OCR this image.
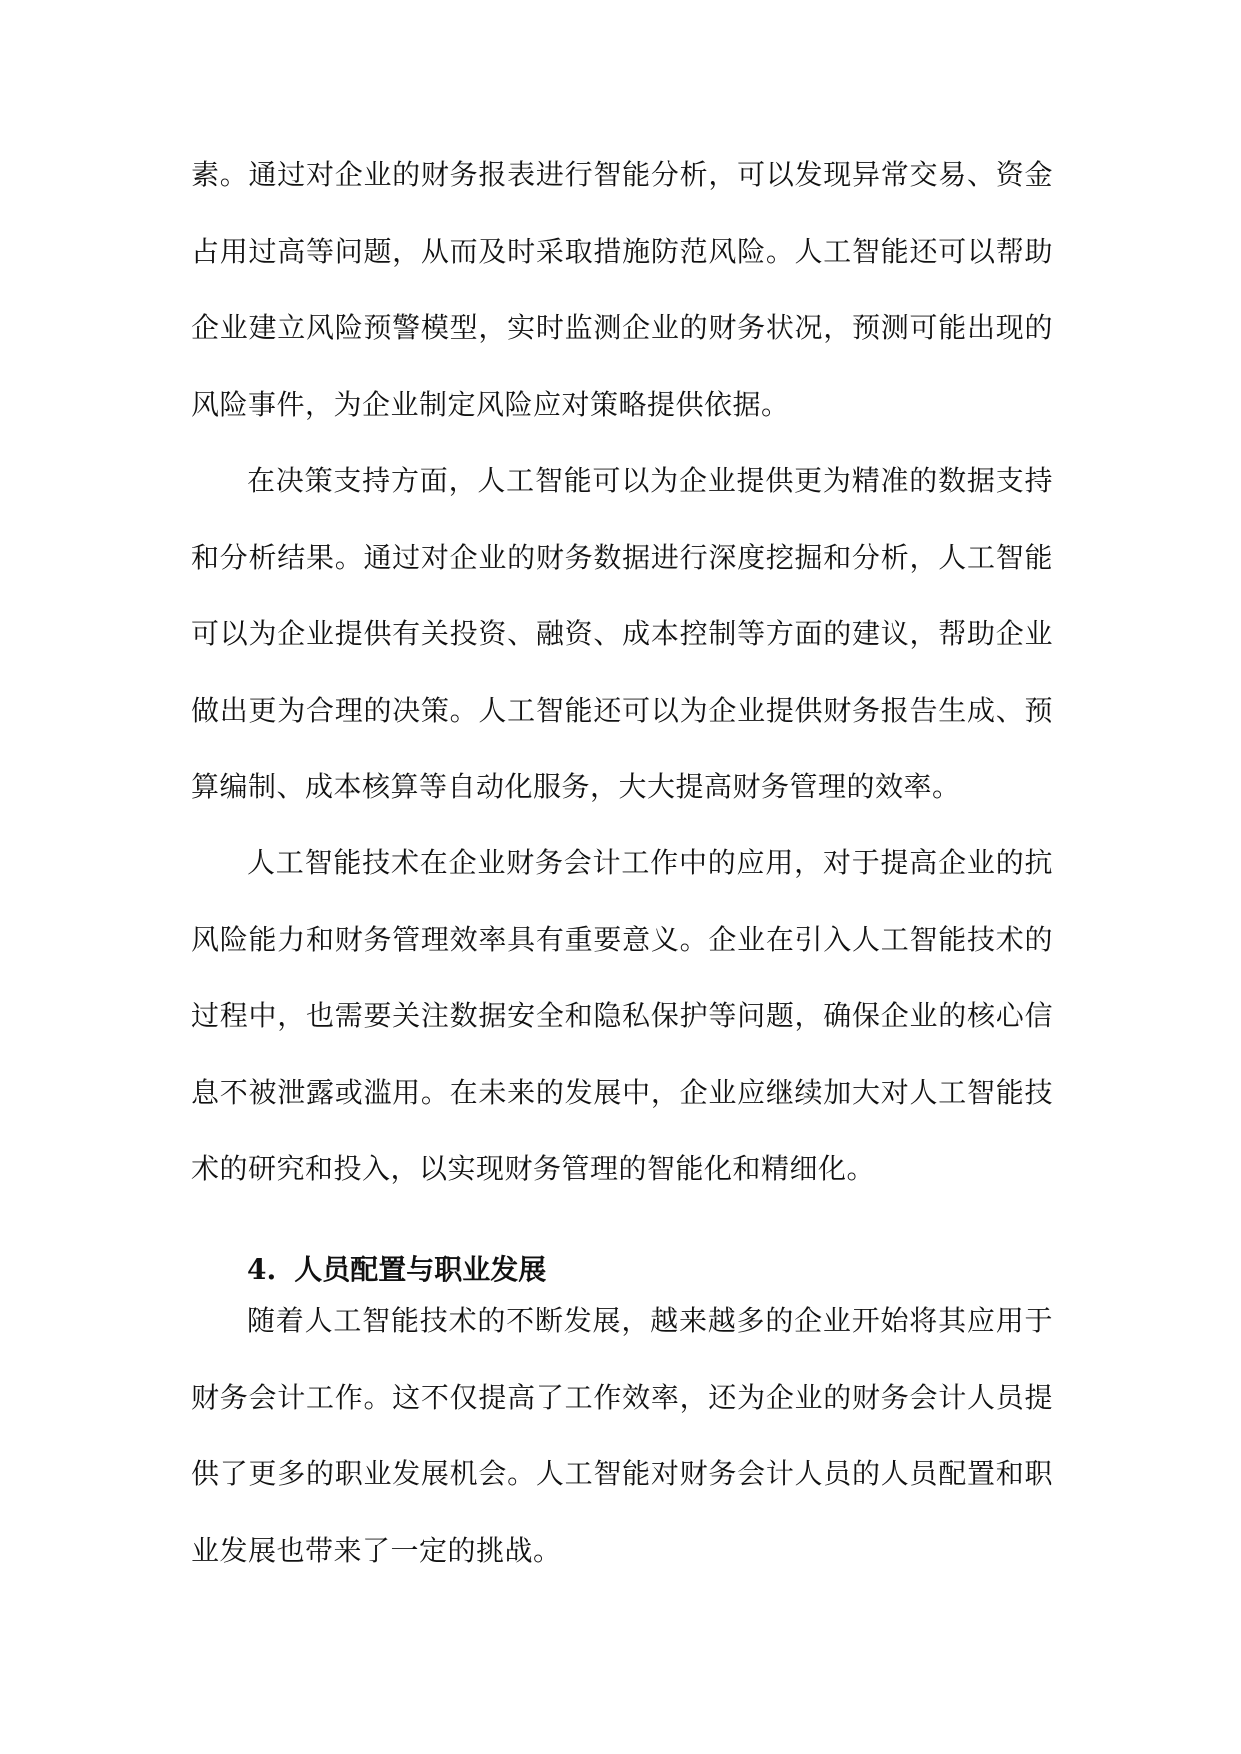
素。通过对企业的财务报表进行智能分析，可以发现异常交易、资金占用过高等问题，从而及时采取措施防范风险。人工智能还可以帮助企业建立风险预警模型，实时监测企业的财务状况，预测可能出现的风险事件，为企业制定风险应对策略提供依据。

在决策支持方面，人工智能可以为企业提供更为精准的数据支持和分析结果。通过对企业的财务数据进行深度挖掘和分析，人工智能可以为企业提供有关投资、融资、成本控制等方面的建议，帮助企业做出更为合理的决策。人工智能还可以为企业提供财务报告生成、预算编制、成本核算等自动化服务，大大提高财务管理的效率。

人工智能技术在企业财务会计工作中的应用，对于提高企业的抗风险能力和财务管理效率具有重要意义。企业在引入人工智能技术的过程中，也需要关注数据安全和隐私保护等问题，确保企业的核心信息不被泄露或滥用。在未来的发展中，企业应继续加大对人工智能技术的研究和投入，以实现财务管理的智能化和精细化。

4. 人员配置与职业发展

随着人工智能技术的不断发展，越来越多的企业开始将其应用于财务会计工作。这不仅提高了工作效率，还为企业的财务会计人员提供了更多的职业发展机会。人工智能对财务会计人员的人员配置和职业发展也带来了一定的挑战。
